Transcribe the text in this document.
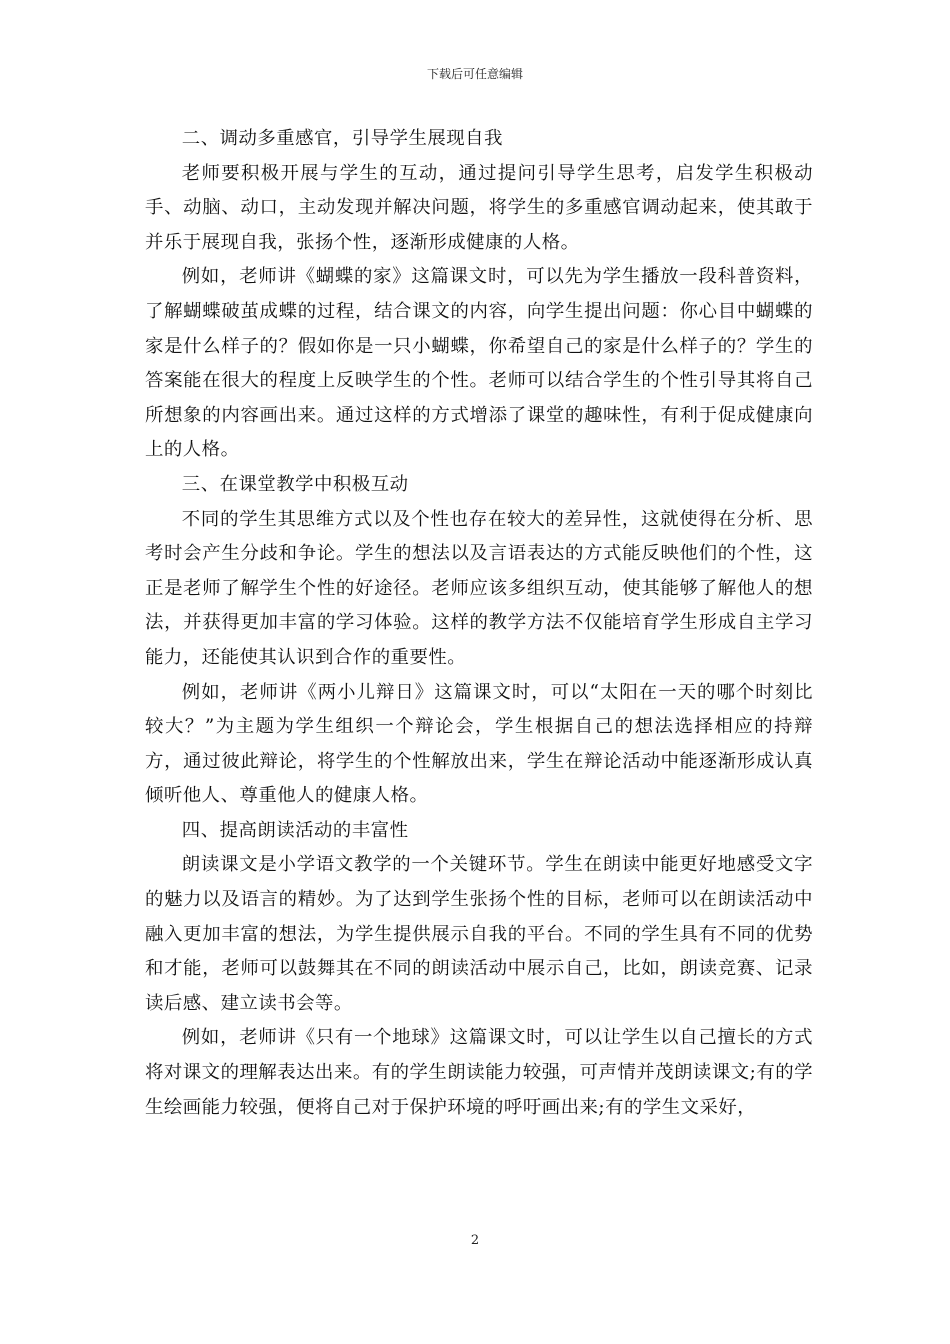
下载后可任意编辑

二、调动多重感官，引导学生展现自我

老师要积极开展与学生的互动，通过提问引导学生思考，启发学生积极动手、动脑、动口，主动发现并解决问题，将学生的多重感官调动起来，使其敢于并乐于展现自我，张扬个性，逐渐形成健康的人格。

例如，老师讲《蝴蝶的家》这篇课文时，可以先为学生播放一段科普资料，了解蝴蝶破茧成蝶的过程，结合课文的内容，向学生提出问题：你心目中蝴蝶的家是什么样子的？假如你是一只小蝴蝶，你希望自己的家是什么样子的？学生的答案能在很大的程度上反映学生的个性。老师可以结合学生的个性引导其将自己所想象的内容画出来。通过这样的方式增添了课堂的趣味性，有利于促成健康向上的人格。

三、在课堂教学中积极互动

不同的学生其思维方式以及个性也存在较大的差异性，这就使得在分析、思考时会产生分歧和争论。学生的想法以及言语表达的方式能反映他们的个性，这正是老师了解学生个性的好途径。老师应该多组织互动，使其能够了解他人的想法，并获得更加丰富的学习体验。这样的教学方法不仅能培育学生形成自主学习能力，还能使其认识到合作的重要性。

例如，老师讲《两小儿辩日》这篇课文时，可以“太阳在一天的哪个时刻比较大？”为主题为学生组织一个辩论会，学生根据自己的想法选择相应的持辩方，通过彼此辩论，将学生的个性解放出来，学生在辩论活动中能逐渐形成认真倾听他人、尊重他人的健康人格。

四、提高朗读活动的丰富性

朗读课文是小学语文教学的一个关键环节。学生在朗读中能更好地感受文字的魅力以及语言的精妙。为了达到学生张扬个性的目标，老师可以在朗读活动中融入更加丰富的想法，为学生提供展示自我的平台。不同的学生具有不同的优势和才能，老师可以鼓舞其在不同的朗读活动中展示自己，比如，朗读竞赛、记录读后感、建立读书会等。

例如，老师讲《只有一个地球》这篇课文时，可以让学生以自己擅长的方式将对课文的理解表达出来。有的学生朗读能力较强，可声情并茂朗读课文;有的学生绘画能力较强，便将自己对于保护环境的呼吁画出来;有的学生文采好，

2
